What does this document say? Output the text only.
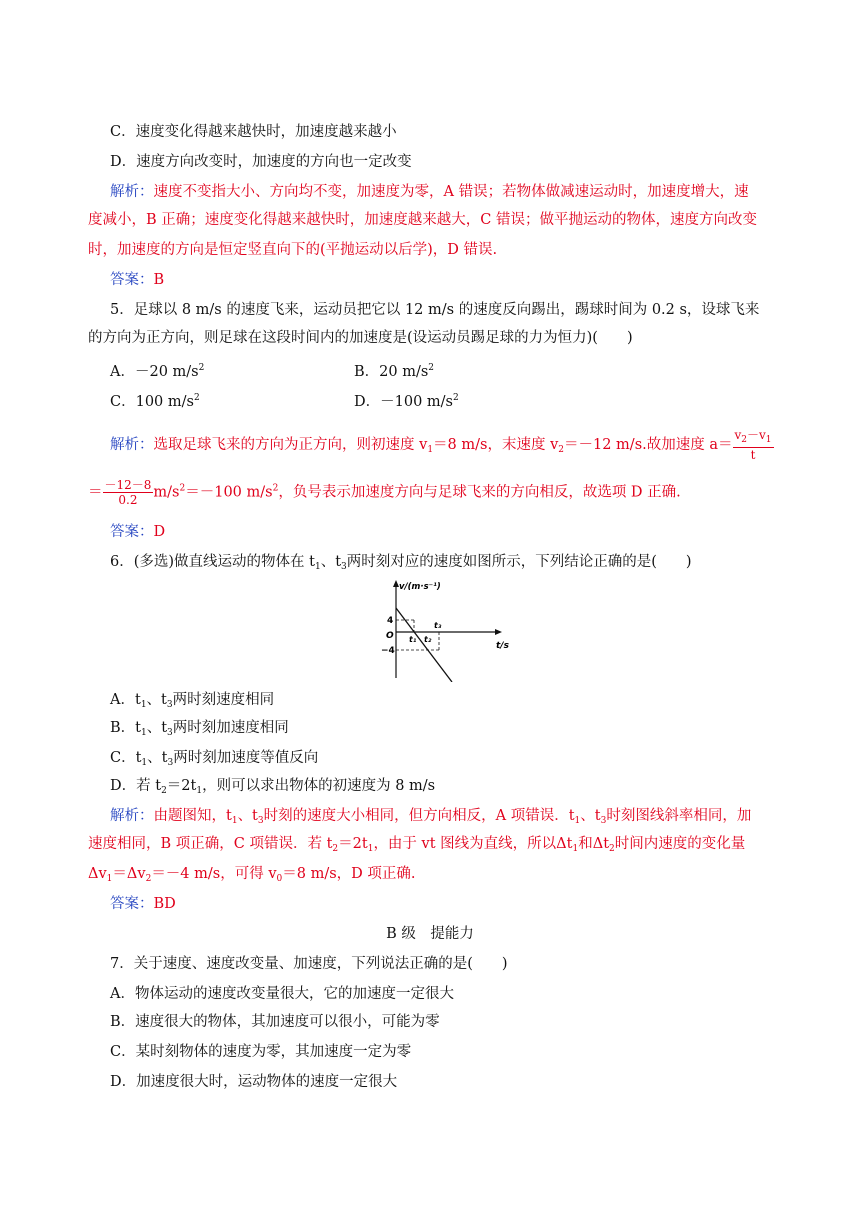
C．速度变化得越来越快时，加速度越来越小
D．速度方向改变时，加速度的方向也一定改变
解析：速度不变指大小、方向均不变，加速度为零，A 错误；若物体做减速运动时，加速度增大，速
度减小，B 正确；速度变化得越来越快时，加速度越来越大，C 错误；做平抛运动的物体，速度方向改变
时，加速度的方向是恒定竖直向下的(平抛运动以后学)，D 错误.
答案：B
5．足球以 8 m/s 的速度飞来，运动员把它以 12 m/s 的速度反向踢出，踢球时间为 0.2 s，设球飞来
的方向为正方向，则足球在这段时间内的加速度是(设运动员踢足球的力为恒力)(　　)
A．－20 $m/s^2$	B．20 $m/s^2$
C．100 $m/s^2$	D．－100 $m/s^2$
解析：选取足球飞来的方向为正方向，则初速度 $v_1=8$ m/s，末速度 $v_2=-12$ m/s.故加速度 $a= \frac{v_2-v_1}{t}$
＝ $\frac{-12-8}{0.2} m/s^2=-100$ $m/s^2$，负号表示加速度方向与足球飞来的方向相反，故选项 D 正确.
答案：D
6．(多选)做直线运动的物体在 $t_1$、$t_3$两时刻对应的速度如图所示，下列结论正确的是(　　)
v/(m·s⁻¹)
t/s
4
−4
O t₁ t₂
t₃
A．$t_1$、$t_3$两时刻速度相同
B．$t_1$、$t_3$两时刻加速度相同
C．$t_1$、$t_3$两时刻加速度等值反向
D．若 $t_2=2t_1$，则可以求出物体的初速度为 8 m/s
解析：由题图知，$t_1$、$t_3$时刻的速度大小相同，但方向相反，A 项错误．$t_1$、$t_3$时刻图线斜率相同，加
速度相同，B 项正确，C 项错误．若 $t_2=2t_1$，由于 vt 图线为直线，所以$\Delta t_1$和$\Delta t_2$时间内速度的变化量
$\Delta v_1=\Delta v_2=-4$ m/s，可得 $v_0=8$ m/s，D 项正确.
答案：BD
B 级　提能力
7．关于速度、速度改变量、加速度，下列说法正确的是(　　)
A．物体运动的速度改变量很大，它的加速度一定很大
B．速度很大的物体，其加速度可以很小，可能为零
C．某时刻物体的速度为零，其加速度一定为零
D．加速度很大时，运动物体的速度一定很大
